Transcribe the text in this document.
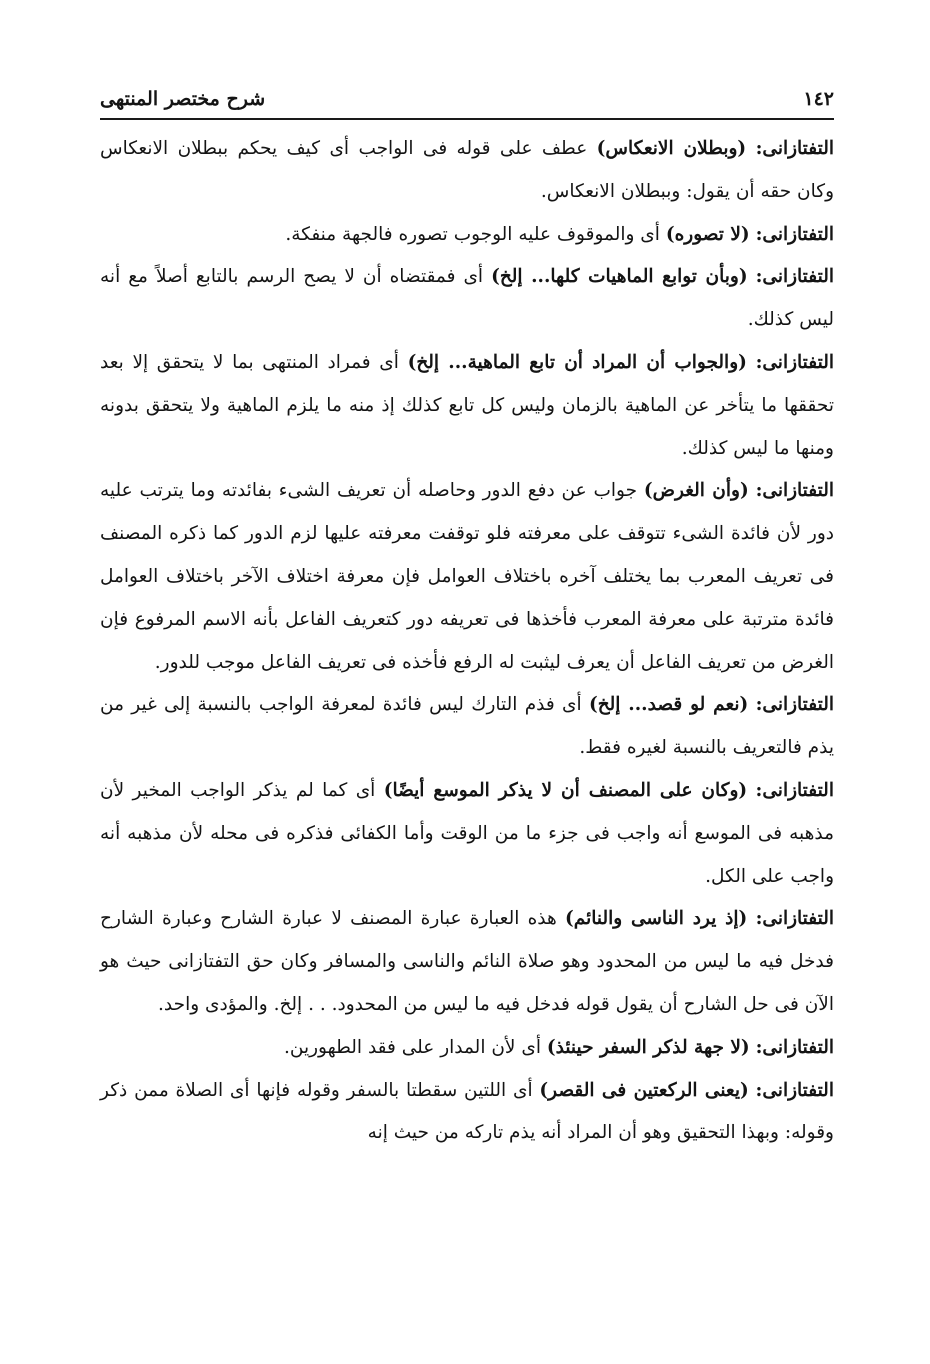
١٤٢
شرح مختصر المنتهى

التفتازانى: (وبطلان الانعكاس) عطف على قوله فى الواجب أى كيف يحكم ببطلان الانعكاس وكان حقه أن يقول: وببطلان الانعكاس.

التفتازانى: (لا تصوره) أى والموقوف عليه الوجوب تصوره فالجهة منفكة.

التفتازانى: (وبأن توابع الماهيات كلها... إلخ) أى فمقتضاه أن لا يصح الرسم بالتابع أصلاً مع أنه ليس كذلك.

التفتازانى: (والجواب أن المراد أن تابع الماهية... إلخ) أى فمراد المنتهى بما لا يتحقق إلا بعد تحققها ما يتأخر عن الماهية بالزمان وليس كل تابع كذلك إذ منه ما يلزم الماهية ولا يتحقق بدونه ومنها ما ليس كذلك.

التفتازانى: (وأن الغرض) جواب عن دفع الدور وحاصله أن تعريف الشىء بفائدته وما يترتب عليه دور لأن فائدة الشىء تتوقف على معرفته فلو توقفت معرفته عليها لزم الدور كما ذكره المصنف فى تعريف المعرب بما يختلف آخره باختلاف العوامل فإن معرفة اختلاف الآخر باختلاف العوامل فائدة مترتبة على معرفة المعرب فأخذها فى تعريفه دور كتعريف الفاعل بأنه الاسم المرفوع فإن الغرض من تعريف الفاعل أن يعرف ليثبت له الرفع فأخذه فى تعريف الفاعل موجب للدور.

التفتازانى: (نعم لو قصد... إلخ) أى فذم التارك ليس فائدة لمعرفة الواجب بالنسبة إلى غير من يذم فالتعريف بالنسبة لغيره فقط.

التفتازانى: (وكان على المصنف أن لا يذكر الموسع أيضًا) أى كما لم يذكر الواجب المخير لأن مذهبه فى الموسع أنه واجب فى جزء ما من الوقت وأما الكفائى فذكره فى محله لأن مذهبه أنه واجب على الكل.

التفتازانى: (إذ يرد الناسى والنائم) هذه العبارة عبارة المصنف لا عبارة الشارح وعبارة الشارح فدخل فيه ما ليس من المحدود وهو صلاة النائم والناسى والمسافر وكان حق التفتازانى حيث هو الآن فى حل الشارح أن يقول قوله فدخل فيه ما ليس من المحدود. . . إلخ. والمؤدى واحد.

التفتازانى: (لا جهة لذكر السفر حينئذ) أى لأن المدار على فقد الطهورين.

التفتازانى: (يعنى الركعتين فى القصر) أى اللتين سقطتا بالسفر وقوله فإنها أى الصلاة ممن ذكر وقوله: وبهذا التحقيق وهو أن المراد أنه يذم تاركه من حيث إنه
